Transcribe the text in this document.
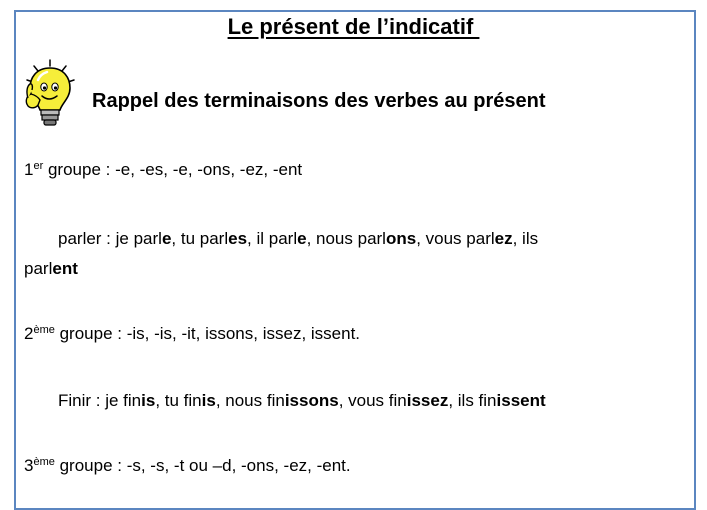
Le présent de l’indicatif
Rappel des terminaisons des verbes au présent
1er groupe : -e, -es, -e, -ons, -ez, -ent
parler : je parle, tu parles, il parle, nous parlons, vous parlez, ils
parlent
2ème groupe : -is, -is, -it, issons, issez, issent.
Finir : je finis, tu finis, nous finissons, vous finissez, ils finissent
3ème groupe : -s, -s, -t ou –d, -ons, -ez, -ent.
